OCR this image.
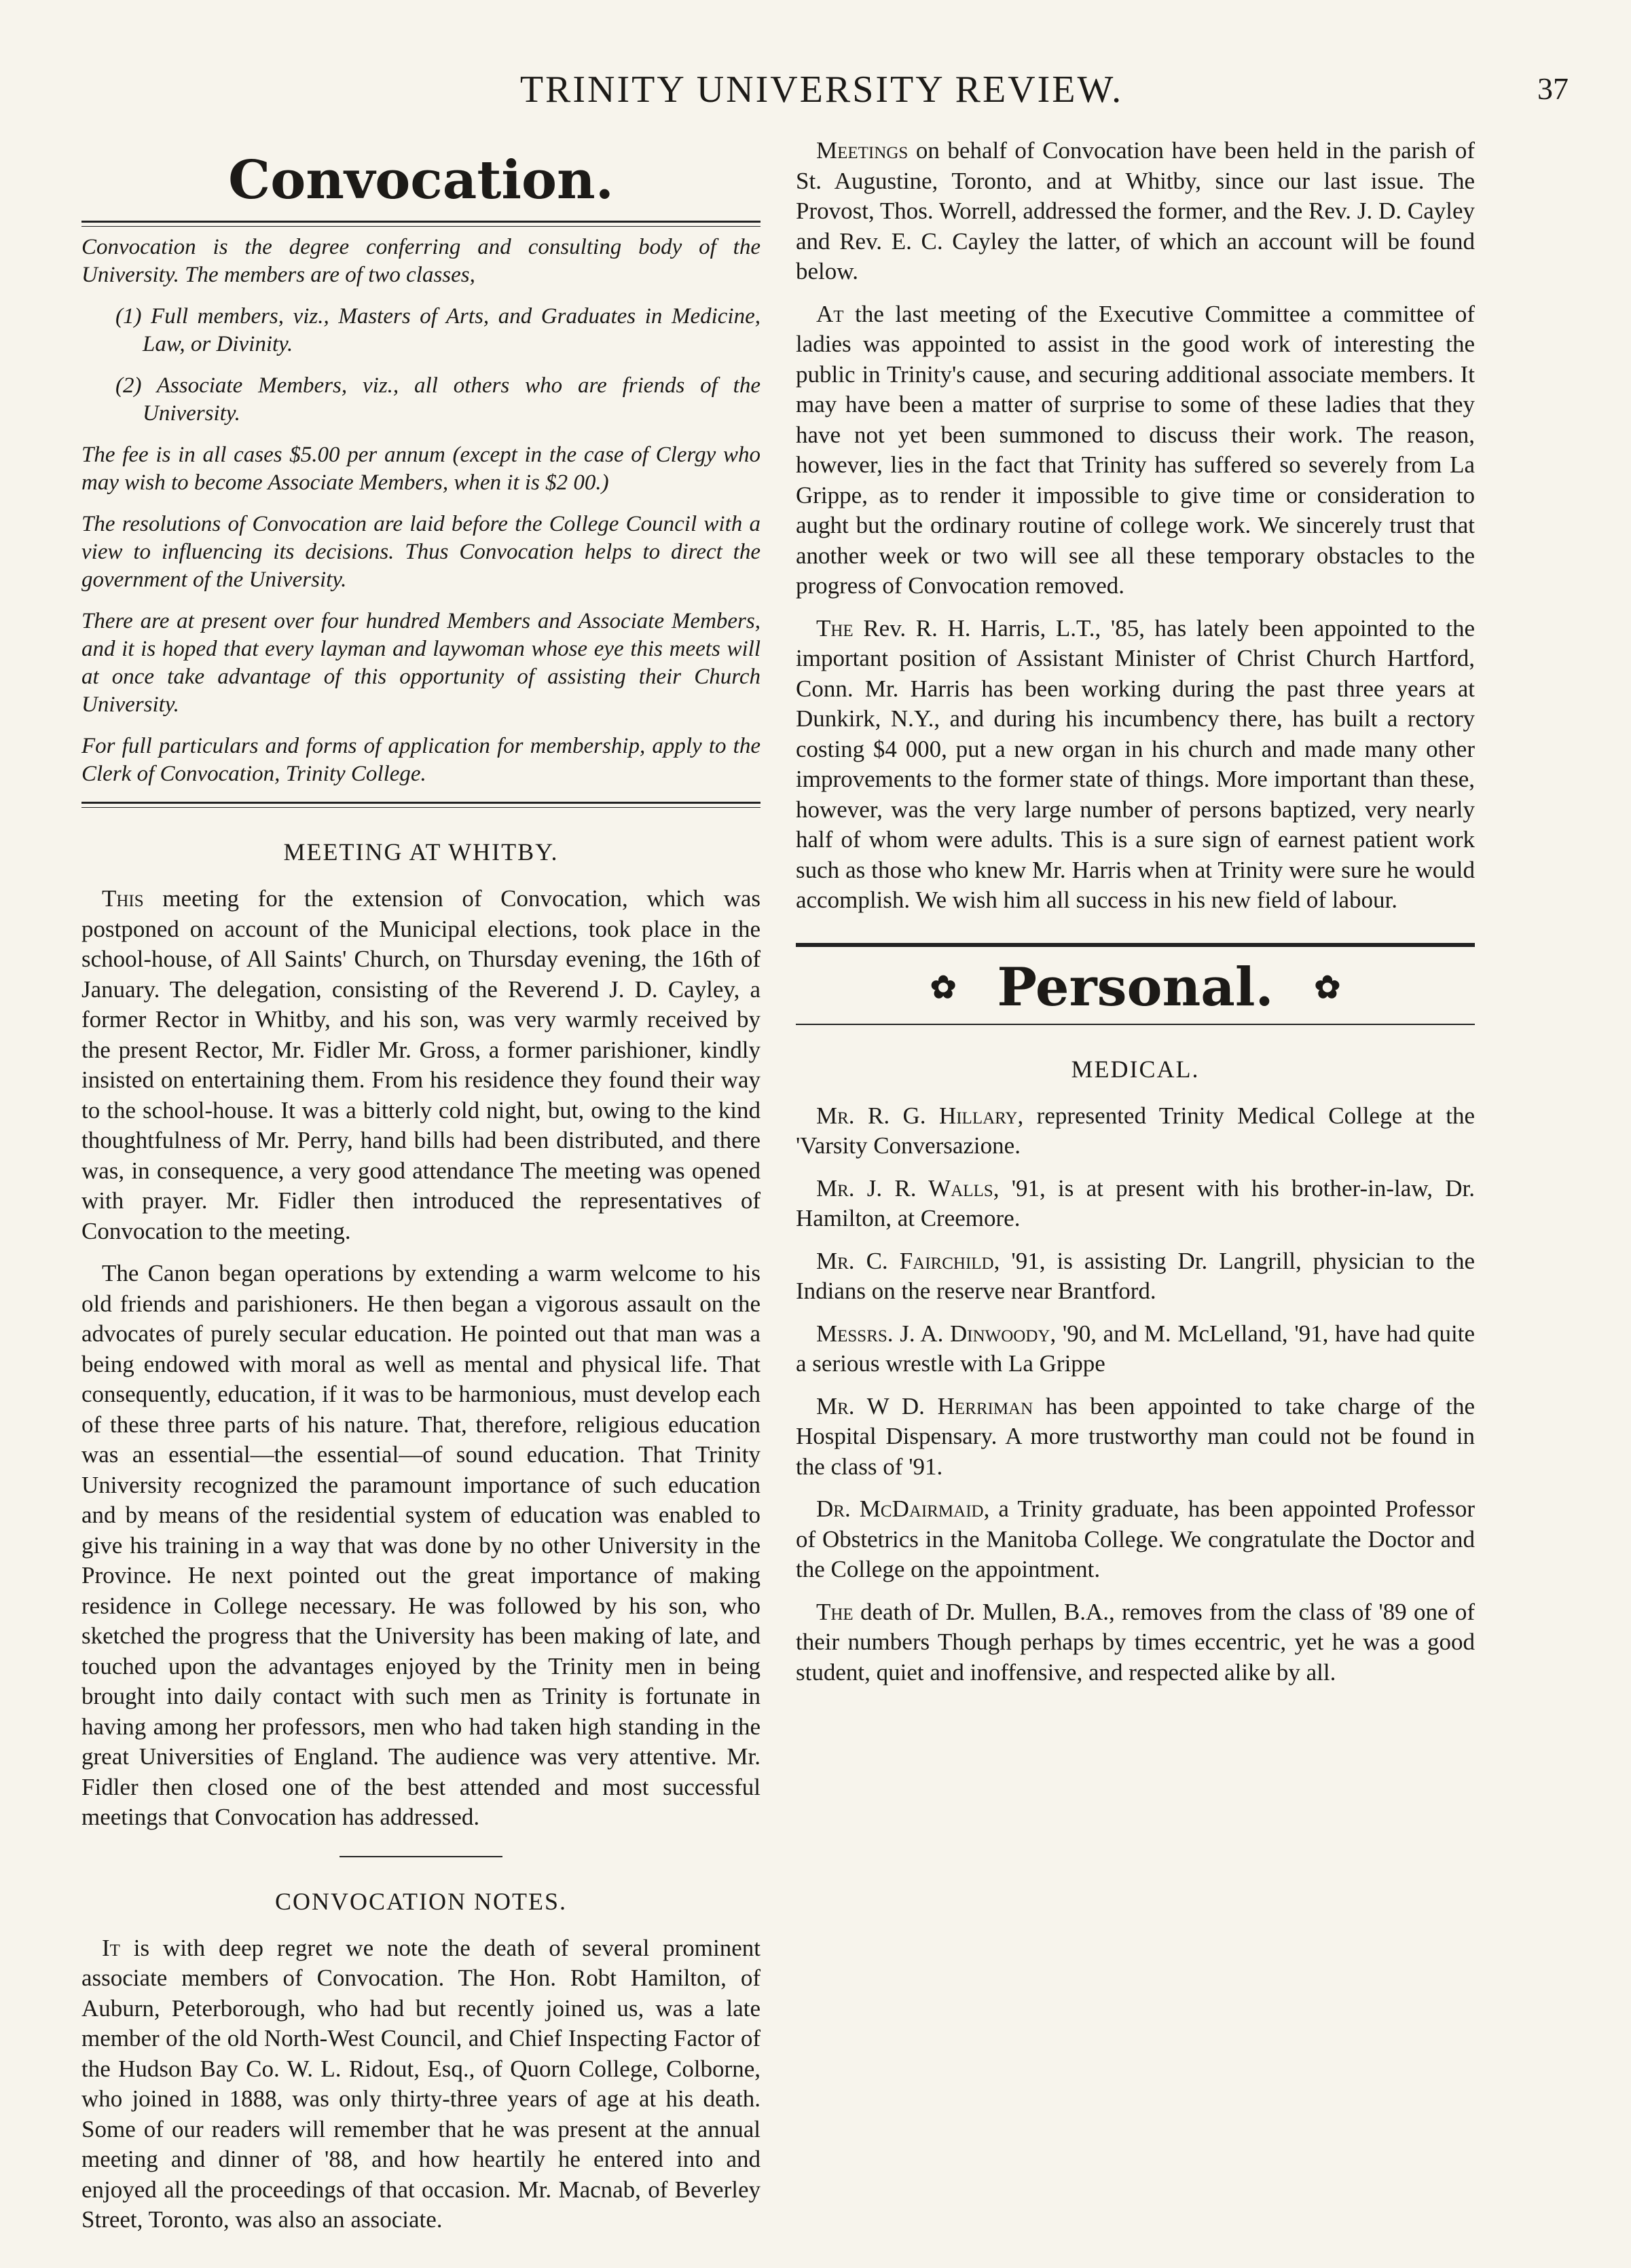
TRINITY UNIVERSITY REVIEW.	37
Convocation.

Convocation is the degree conferring and consulting body of the University. The members are of two classes,

(1) Full members, viz., Masters of Arts, and Graduates in Medicine, Law, or Divinity.

(2) Associate Members, viz., all others who are friends of the University.

The fee is in all cases $5.00 per annum (except in the case of Clergy who may wish to become Associate Members, when it is $2 00.)

The resolutions of Convocation are laid before the College Council with a view to influencing its decisions. Thus Convocation helps to direct the government of the University.

There are at present over four hundred Members and Associate Members, and it is hoped that every layman and laywoman whose eye this meets will at once take advantage of this opportunity of assisting their Church University.

For full particulars and forms of application for membership, apply to the Clerk of Convocation, Trinity College.

MEETING AT WHITBY.

This meeting for the extension of Convocation, which was postponed on account of the Municipal elections, took place in the school-house, of All Saints' Church, on Thursday evening, the 16th of January. The delegation, consisting of the Reverend J. D. Cayley, a former Rector in Whitby, and his son, was very warmly received by the present Rector, Mr. Fidler Mr. Gross, a former parishioner, kindly insisted on entertaining them. From his residence they found their way to the school-house. It was a bitterly cold night, but, owing to the kind thoughtfulness of Mr. Perry, hand bills had been distributed, and there was, in consequence, a very good attendance The meeting was opened with prayer. Mr. Fidler then introduced the representatives of Convocation to the meeting.

The Canon began operations by extending a warm welcome to his old friends and parishioners. He then began a vigorous assault on the advocates of purely secular education. He pointed out that man was a being endowed with moral as well as mental and physical life. That consequently, education, if it was to be harmonious, must develop each of these three parts of his nature. That, therefore, religious education was an essential—the essential—of sound education. That Trinity University recognized the paramount importance of such education and by means of the residential system of education was enabled to give his training in a way that was done by no other University in the Province. He next pointed out the great importance of making residence in College necessary. He was followed by his son, who sketched the progress that the University has been making of late, and touched upon the advantages enjoyed by the Trinity men in being brought into daily contact with such men as Trinity is fortunate in having among her professors, men who had taken high standing in the great Universities of England. The audience was very attentive. Mr. Fidler then closed one of the best attended and most successful meetings that Convocation has addressed.

CONVOCATION NOTES.

It is with deep regret we note the death of several prominent associate members of Convocation. The Hon. Robt Hamilton, of Auburn, Peterborough, who had but recently joined us, was a late member of the old North-West Council, and Chief Inspecting Factor of the Hudson Bay Co. W. L. Ridout, Esq., of Quorn College, Colborne, who joined in 1888, was only thirty-three years of age at his death. Some of our readers will remember that he was present at the annual meeting and dinner of '88, and how heartily he entered into and enjoyed all the proceedings of that occasion. Mr. Macnab, of Beverley Street, Toronto, was also an associate.

Meetings on behalf of Convocation have been held in the parish of St. Augustine, Toronto, and at Whitby, since our last issue. The Provost, Thos. Worrell, addressed the former, and the Rev. J. D. Cayley and Rev. E. C. Cayley the latter, of which an account will be found below.

At the last meeting of the Executive Committee a committee of ladies was appointed to assist in the good work of interesting the public in Trinity's cause, and securing additional associate members. It may have been a matter of surprise to some of these ladies that they have not yet been summoned to discuss their work. The reason, however, lies in the fact that Trinity has suffered so severely from La Grippe, as to render it impossible to give time or consideration to aught but the ordinary routine of college work. We sincerely trust that another week or two will see all these temporary obstacles to the progress of Convocation removed.

The Rev. R. H. Harris, L.T., '85, has lately been appointed to the important position of Assistant Minister of Christ Church Hartford, Conn. Mr. Harris has been working during the past three years at Dunkirk, N.Y., and during his incumbency there, has built a rectory costing $4 000, put a new organ in his church and made many other improvements to the former state of things. More important than these, however, was the very large number of persons baptized, very nearly half of whom were adults. This is a sure sign of earnest patient work such as those who knew Mr. Harris when at Trinity were sure he would accomplish. We wish him all success in his new field of labour.

✿ Personal. ✿
MEDICAL.

Mr. R. G. Hillary, represented Trinity Medical College at the 'Varsity Conversazione.

Mr. J. R. Walls, '91, is at present with his brother-in-law, Dr. Hamilton, at Creemore.

Mr. C. Fairchild, '91, is assisting Dr. Langrill, physician to the Indians on the reserve near Brantford.

Messrs. J. A. Dinwoody, '90, and M. McLelland, '91, have had quite a serious wrestle with La Grippe

Mr. W D. Herriman has been appointed to take charge of the Hospital Dispensary. A more trustworthy man could not be found in the class of '91.

Dr. McDairmaid, a Trinity graduate, has been appointed Professor of Obstetrics in the Manitoba College. We congratulate the Doctor and the College on the appointment.

The death of Dr. Mullen, B.A., removes from the class of '89 one of their numbers Though perhaps by times eccentric, yet he was a good student, quiet and inoffensive, and respected alike by all.
